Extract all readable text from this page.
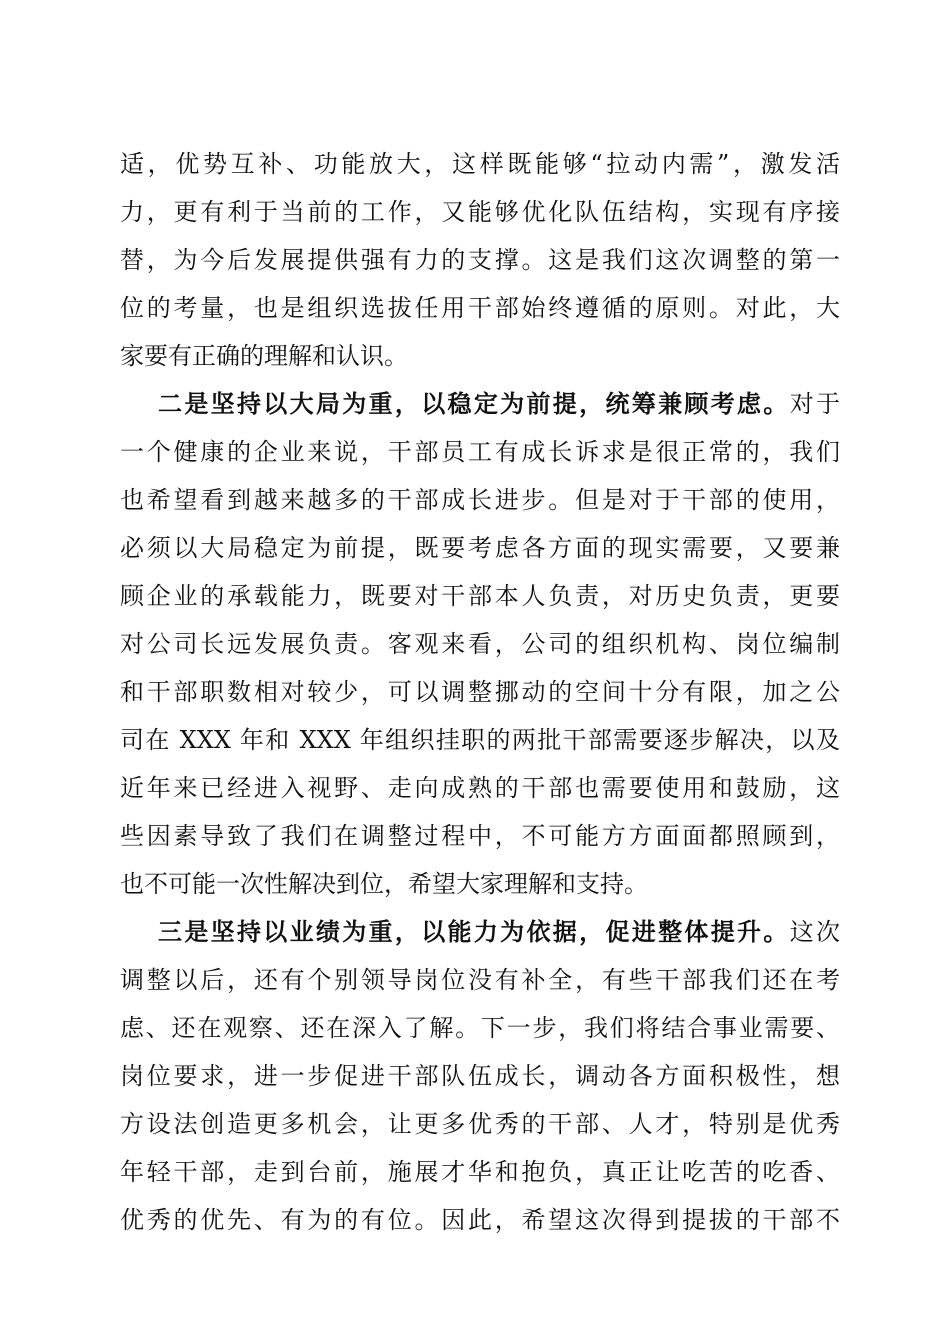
适，优势互补、功能放大，这样既能够“拉动内需”，激发活
力，更有利于当前的工作，又能够优化队伍结构，实现有序接
替，为今后发展提供强有力的支撑。这是我们这次调整的第一
位的考量，也是组织选拔任用干部始终遵循的原则。对此，大
家要有正确的理解和认识。
二是坚持以大局为重，以稳定为前提，统筹兼顾考虑。对于
一个健康的企业来说，干部员工有成长诉求是很正常的，我们
也希望看到越来越多的干部成长进步。但是对于干部的使用，
必须以大局稳定为前提，既要考虑各方面的现实需要，又要兼
顾企业的承载能力，既要对干部本人负责，对历史负责，更要
对公司长远发展负责。客观来看，公司的组织机构、岗位编制
和干部职数相对较少，可以调整挪动的空间十分有限，加之公
司在 XXX 年和 XXX 年组织挂职的两批干部需要逐步解决，以及
近年来已经进入视野、走向成熟的干部也需要使用和鼓励，这
些因素导致了我们在调整过程中，不可能方方面面都照顾到，
也不可能一次性解决到位，希望大家理解和支持。
三是坚持以业绩为重，以能力为依据，促进整体提升。这次
调整以后，还有个别领导岗位没有补全，有些干部我们还在考
虑、还在观察、还在深入了解。下一步，我们将结合事业需要、
岗位要求，进一步促进干部队伍成长，调动各方面积极性，想
方设法创造更多机会，让更多优秀的干部、人才，特别是优秀
年轻干部，走到台前，施展才华和抱负，真正让吃苦的吃香、
优秀的优先、有为的有位。因此，希望这次得到提拔的干部不
